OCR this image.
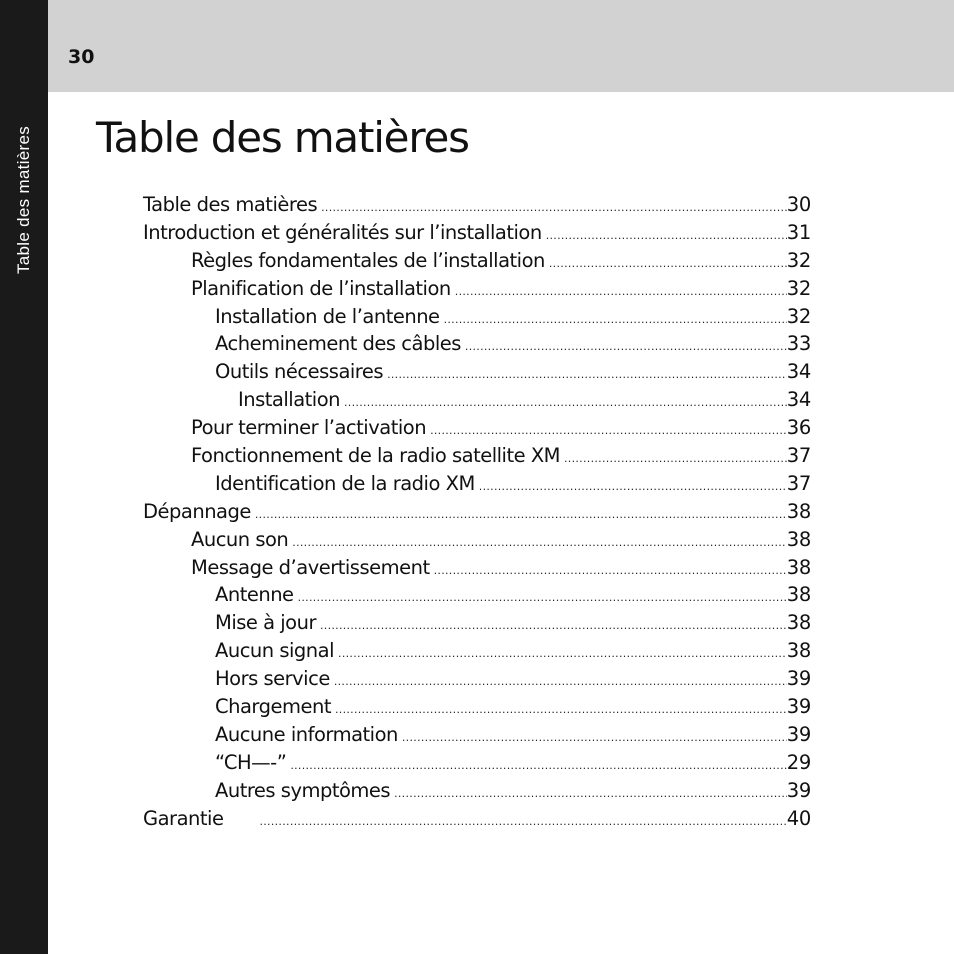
Table des matières
30
Table des matières
Table des matières .....	30
Introduction et généralités sur l’installation .....	31
Règles fondamentales de l’installation .....	32
Planification de l’installation .....	32
Installation de l’antenne .....	32
Acheminement des câbles .....	33
Outils nécessaires .....	34
Installation .....	34
Pour terminer l’activation .....	36
Fonctionnement de la radio satellite XM .....	37
Identification de la radio XM .....	37
Dépannage .....	38
Aucun son .....	38
Message d’avertissement .....	38
Antenne .....	38
Mise à jour .....	38
Aucun signal .....	38
Hors service .....	39
Chargement .....	39
Aucune information .....	39
“CH—-” .....	29
Autres symptômes .....	39
Garantie .....	40
